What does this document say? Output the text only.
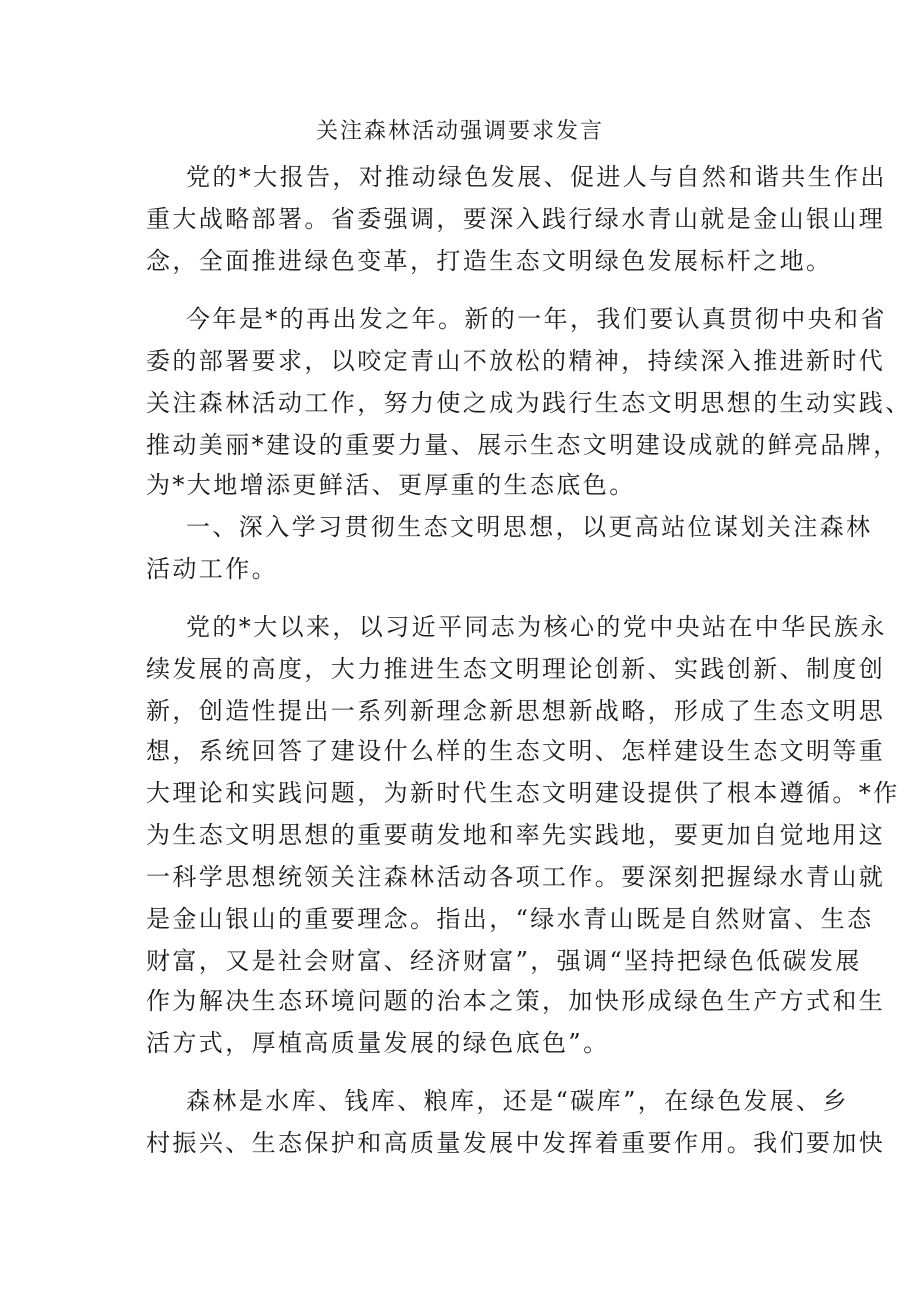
关注森林活动强调要求发言
党的*大报告，对推动绿色发展、促进人与自然和谐共生作出
重大战略部署。省委强调，要深入践行绿水青山就是金山银山理
念，全面推进绿色变革，打造生态文明绿色发展标杆之地。
今年是*的再出发之年。新的一年，我们要认真贯彻中央和省
委的部署要求，以咬定青山不放松的精神，持续深入推进新时代
关注森林活动工作，努力使之成为践行生态文明思想的生动实践、
推动美丽*建设的重要力量、展示生态文明建设成就的鲜亮品牌，
为*大地增添更鲜活、更厚重的生态底色。
一、深入学习贯彻生态文明思想，以更高站位谋划关注森林
活动工作。
党的*大以来，以习近平同志为核心的党中央站在中华民族永
续发展的高度，大力推进生态文明理论创新、实践创新、制度创
新，创造性提出一系列新理念新思想新战略，形成了生态文明思
想，系统回答了建设什么样的生态文明、怎样建设生态文明等重
大理论和实践问题，为新时代生态文明建设提供了根本遵循。*作
为生态文明思想的重要萌发地和率先实践地，要更加自觉地用这
一科学思想统领关注森林活动各项工作。要深刻把握绿水青山就
是金山银山的重要理念。指出，“绿水青山既是自然财富、生态
财富，又是社会财富、经济财富”，强调“坚持把绿色低碳发展
作为解决生态环境问题的治本之策，加快形成绿色生产方式和生
活方式，厚植高质量发展的绿色底色”。
森林是水库、钱库、粮库，还是“碳库”，在绿色发展、乡
村振兴、生态保护和高质量发展中发挥着重要作用。我们要加快
